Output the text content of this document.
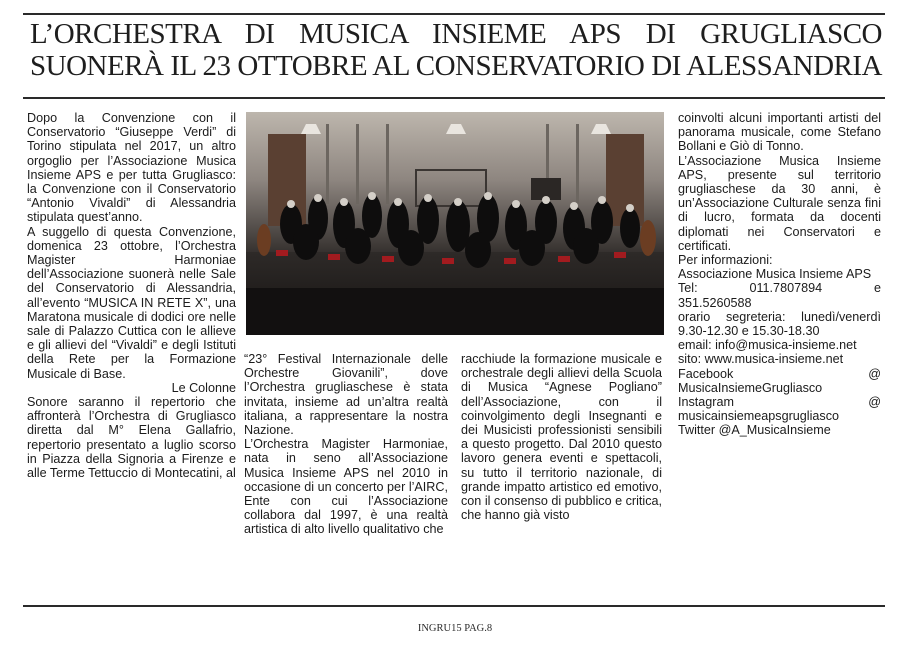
L’ORCHESTRA DI MUSICA INSIEME APS DI GRUGLIASCO
SUONERÀ IL 23 OTTOBRE AL CONSERVATORIO DI ALESSANDRIA

Dopo la Convenzione con il Conservatorio “Giuseppe Verdi” di Torino stipulata nel 2017, un altro orgoglio per l’Associazione Musica Insieme APS e per tutta Grugliasco: la Convenzione con il Conservatorio “Antonio Vivaldi” di Alessandria stipulata quest’anno.

A suggello di questa Convenzione, domenica 23 ottobre, l’Orchestra Magister Harmoniae dell’Associazione suonerà nelle Sale del Conservatorio di Alessandria, all’evento “MUSICA IN RETE X”, una Maratona musicale di dodici ore nelle sale di Palazzo Cuttica con le allieve e gli allievi del “Vivaldi” e degli Istituti della Rete per la Formazione Musicale di Base.

Le Colonne

Sonore saranno il repertorio che affronterà l’Orchestra di Grugliasco diretta dal M° Elena Gallafrio, repertorio presentato a luglio scorso in Piazza della Signoria a Firenze e alle Terme Tettuccio di Montecatini, al

“23° Festival Internazionale delle Orchestre Giovanili”, dove l’Orchestra grugliaschese è stata invitata, insieme ad un’altra realtà italiana, a rappresentare la nostra Nazione.

L’Orchestra Magister Harmoniae, nata in seno all’Associazione Musica Insieme APS nel 2010 in occasione di un concerto per l’AIRC, Ente con cui l’Associazione collabora dal 1997, è una realtà artistica di alto livello qualitativo che

racchiude la formazione musicale e orchestrale degli allievi della Scuola di Musica “Agnese Pogliano” dell’Associazione, con il coinvolgimento degli Insegnanti e dei Musicisti professionisti sensibili a questo progetto. Dal 2010 questo lavoro genera eventi e spettacoli, su tutto il territorio nazionale, di grande impatto artistico ed emotivo, con il consenso di pubblico e critica, che hanno già visto

coinvolti alcuni importanti artisti del panorama musicale, come Stefano Bollani e Giò di Tonno.

L’Associazione Musica Insieme APS, presente sul territorio grugliaschese da 30 anni, è un’Associazione Culturale senza fini di lucro, formata da docenti diplomati nei Conservatori e certificati.

Per informazioni:

Associazione Musica Insieme APS

Tel:	011.7807894	e

351.5260588

orario segreteria: lunedì/venerdì 9.30-12.30 e 15.30-18.30

email: info@musica-insieme.net

sito: www.musica-insieme.net

Facebook	@

MusicaInsiemeGrugliasco

Instagram	@

musicainsiemeapsgrugliasco

Twitter @A_MusicaInsieme

INGRU15 PAG.8
